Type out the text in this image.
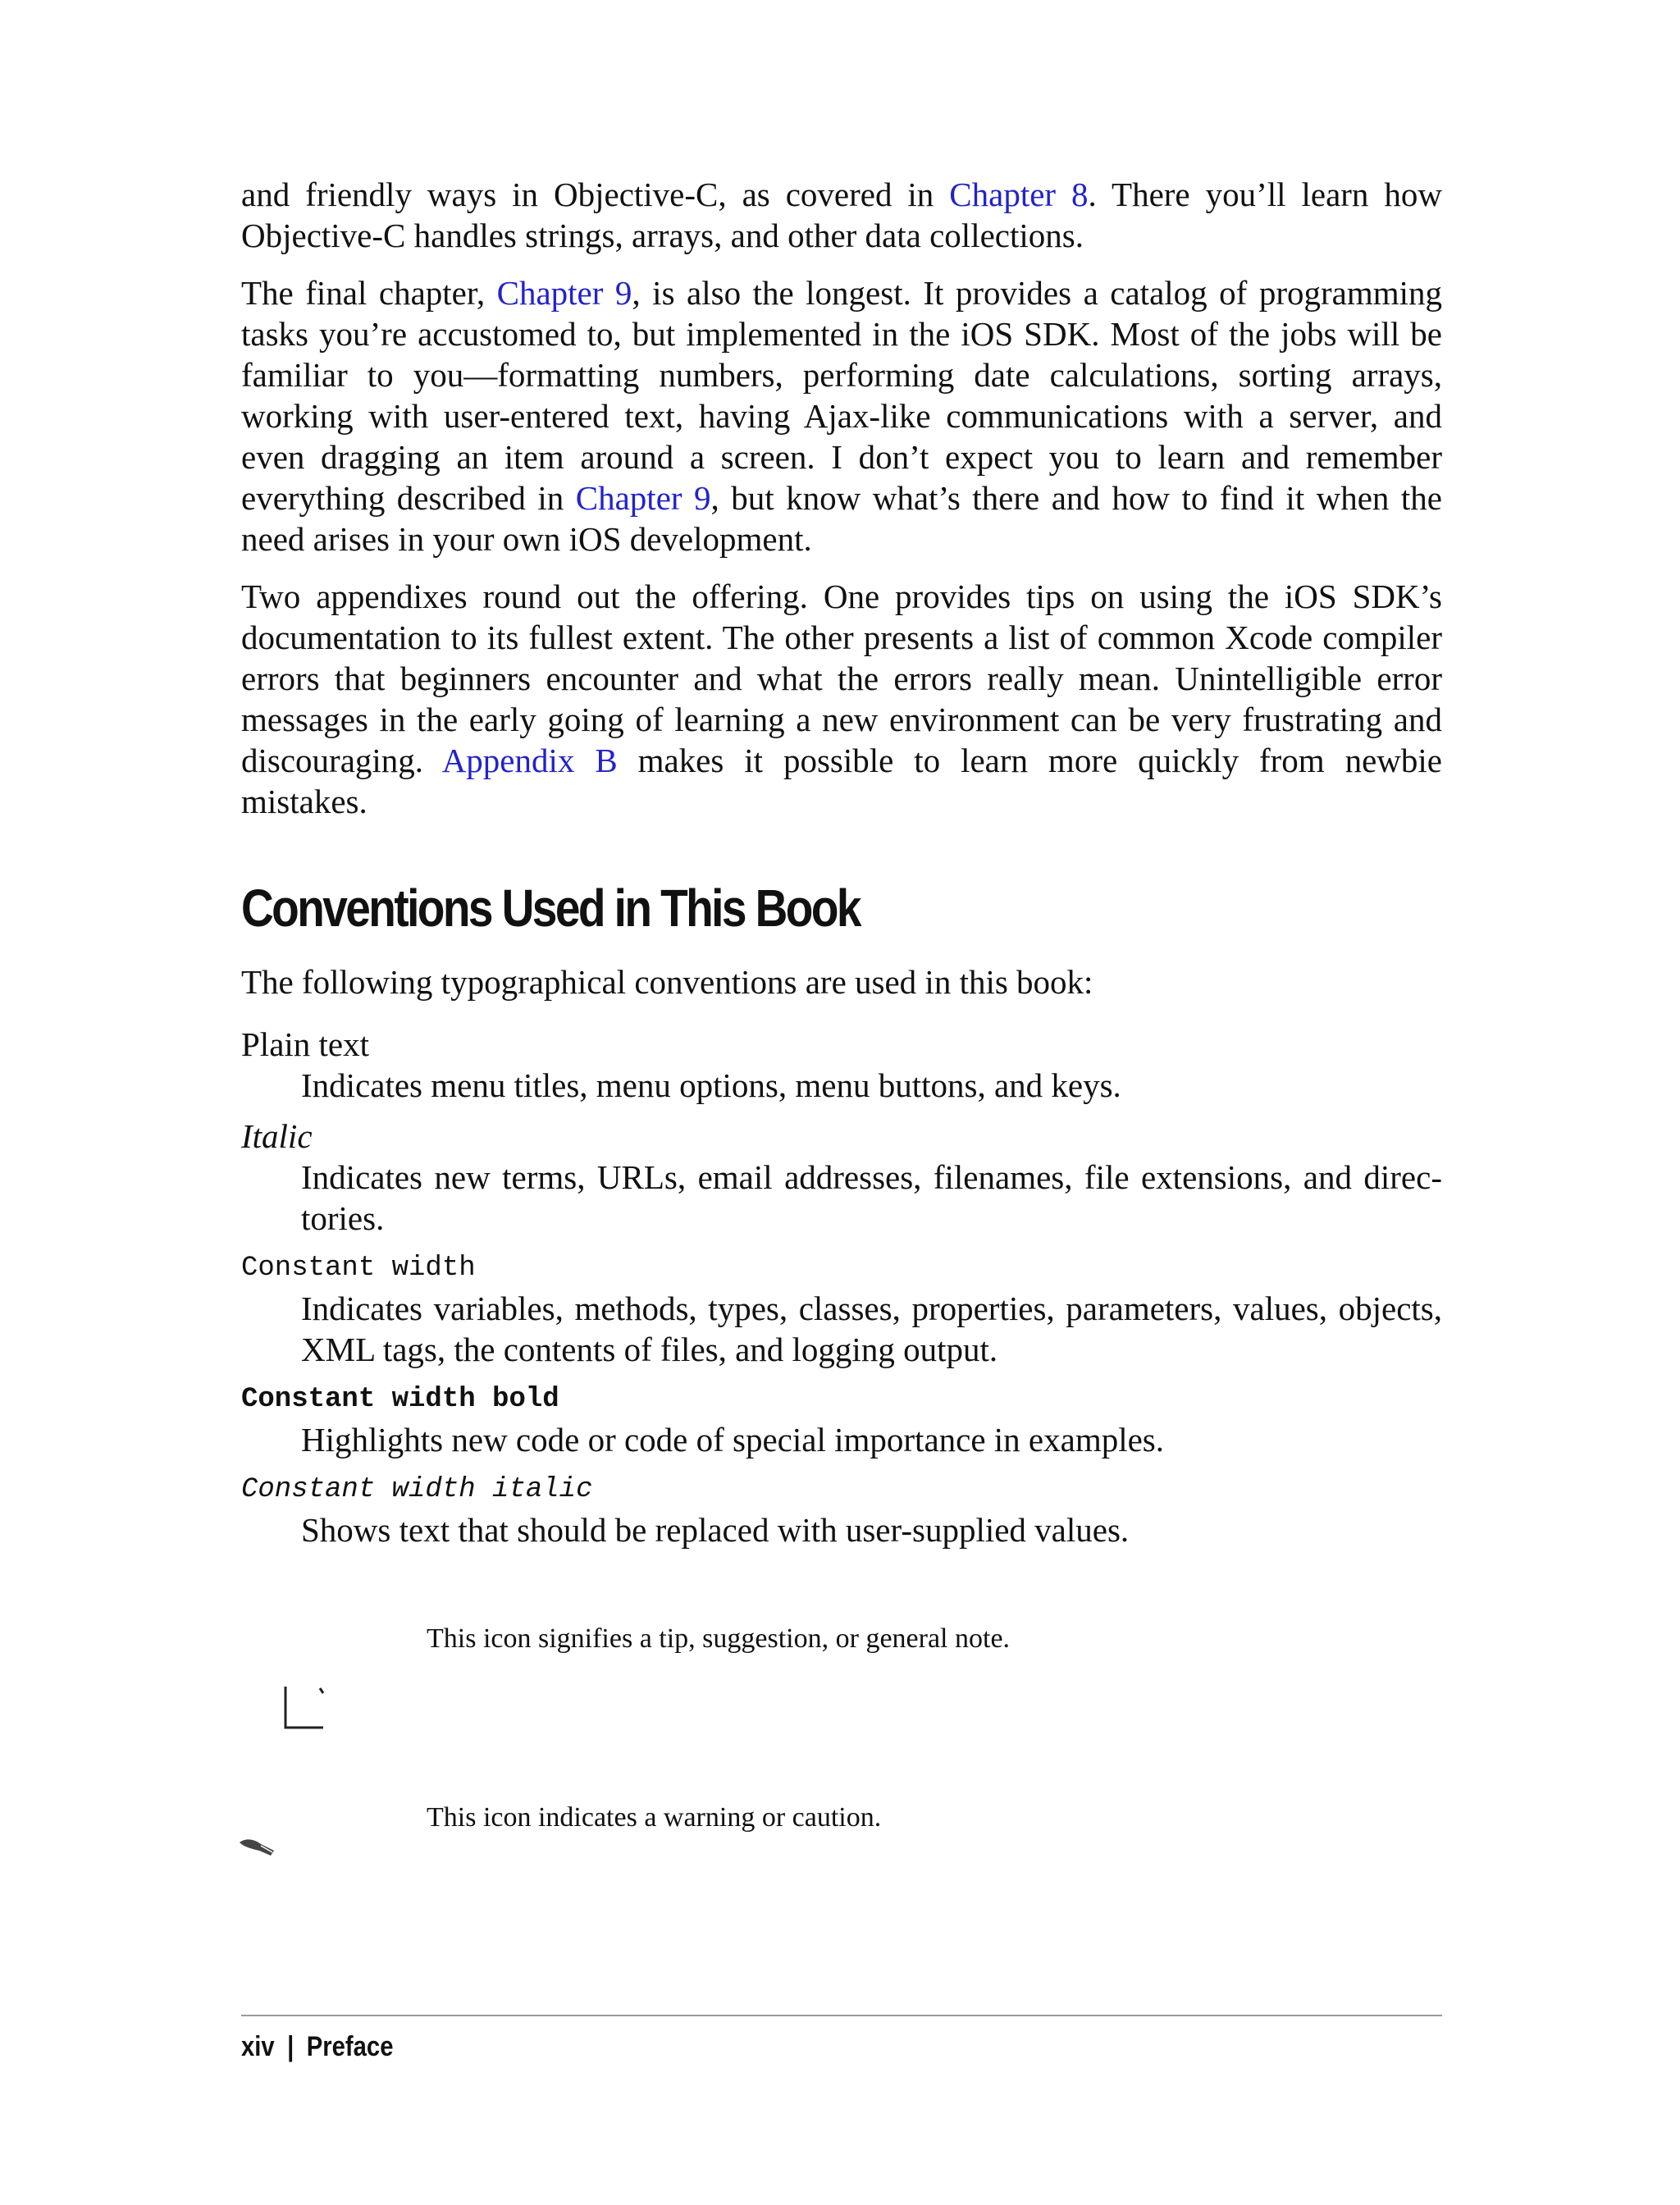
and friendly ways in Objective-C, as covered in Chapter 8. There you’ll learn how Objective-C handles strings, arrays, and other data collections.

The final chapter, Chapter 9, is also the longest. It provides a catalog of programming tasks you’re accustomed to, but implemented in the iOS SDK. Most of the jobs will be familiar to you—formatting numbers, performing date calculations, sorting arrays, working with user-entered text, having Ajax-like communications with a server, and even dragging an item around a screen. I don’t expect you to learn and remember everything described in Chapter 9, but know what’s there and how to find it when the need arises in your own iOS development.

Two appendixes round out the offering. One provides tips on using the iOS SDK’s documentation to its fullest extent. The other presents a list of common Xcode compiler errors that beginners encounter and what the errors really mean. Unintelligible error messages in the early going of learning a new environment can be very frustrating and discouraging. Appendix B makes it possible to learn more quickly from newbie mistakes.

Conventions Used in This Book

The following typographical conventions are used in this book:

Plain text

Indicates menu titles, menu options, menu buttons, and keys.

Italic

Indicates new terms, URLs, email addresses, filenames, file extensions, and directories.

Constant width

Indicates variables, methods, types, classes, properties, parameters, values, objects, XML tags, the contents of files, and logging output.

Constant width bold

Highlights new code or code of special importance in examples.

Constant width italic

Shows text that should be replaced with user-supplied values.

This icon signifies a tip, suggestion, or general note.

This icon indicates a warning or caution.

xiv | Preface
